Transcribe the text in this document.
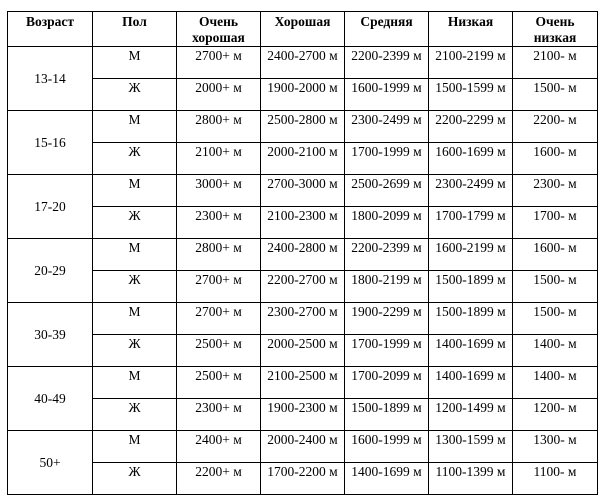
Возраст	Пол	Очень хорошая	Хорошая	Средняя	Низкая	Очень низкая
13-14	М	2700+ м	2400-2700 м	2200-2399 м	2100-2199 м	2100- м
	Ж	2000+ м	1900-2000 м	1600-1999 м	1500-1599 м	1500- м
15-16	М	2800+ м	2500-2800 м	2300-2499 м	2200-2299 м	2200- м
	Ж	2100+ м	2000-2100 м	1700-1999 м	1600-1699 м	1600- м
17-20	М	3000+ м	2700-3000 м	2500-2699 м	2300-2499 м	2300- м
	Ж	2300+ м	2100-2300 м	1800-2099 м	1700-1799 м	1700- м
20-29	М	2800+ м	2400-2800 м	2200-2399 м	1600-2199 м	1600- м
	Ж	2700+ м	2200-2700 м	1800-2199 м	1500-1899 м	1500- м
30-39	М	2700+ м	2300-2700 м	1900-2299 м	1500-1899 м	1500- м
	Ж	2500+ м	2000-2500 м	1700-1999 м	1400-1699 м	1400- м
40-49	М	2500+ м	2100-2500 м	1700-2099 м	1400-1699 м	1400- м
	Ж	2300+ м	1900-2300 м	1500-1899 м	1200-1499 м	1200- м
50+	М	2400+ м	2000-2400 м	1600-1999 м	1300-1599 м	1300- м
	Ж	2200+ м	1700-2200 м	1400-1699 м	1100-1399 м	1100- м
